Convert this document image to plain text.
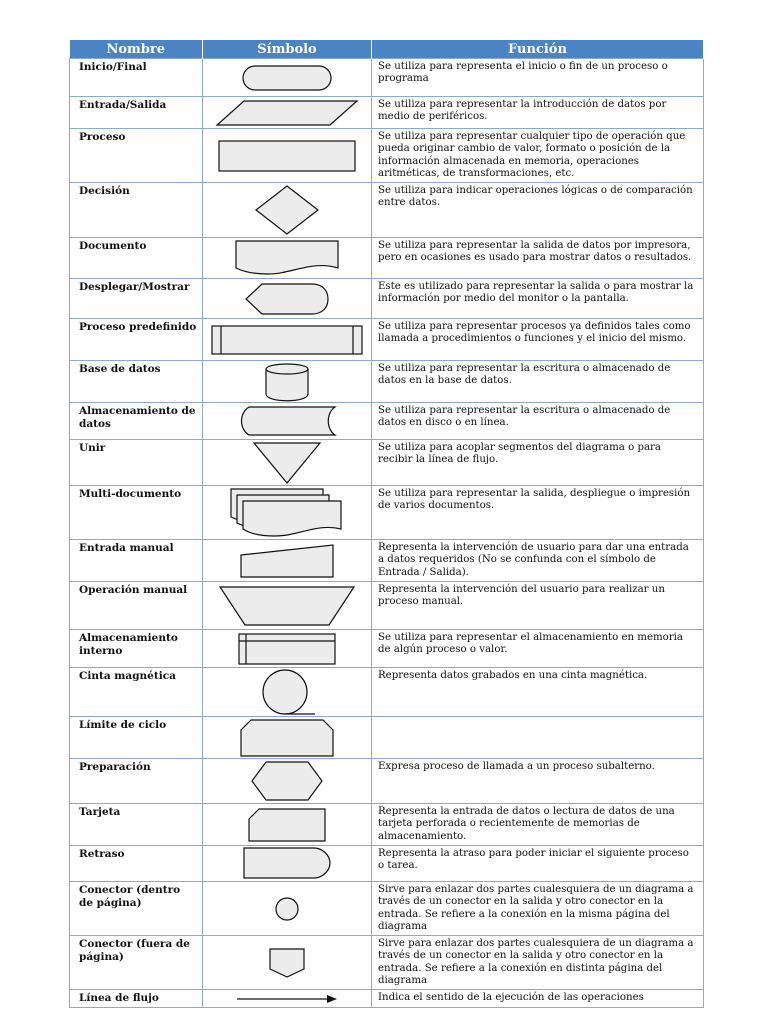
Nombre	Símbolo	Función
Inicio/Final		Se utiliza para representa el inicio o fin de un proceso o programa
Entrada/Salida		Se utiliza para representar la introducción de datos por medio de periféricos.
Proceso		Se utiliza para representar cualquier tipo de operación que pueda originar cambio de valor, formato o posición de la información almacenada en memoria, operaciones aritméticas, de transformaciones, etc.
Decisión		Se utiliza para indicar operaciones lógicas o de comparación entre datos.
Documento		Se utiliza para representar la salida de datos por impresora, pero en ocasiones es usado para mostrar datos o resultados.
Desplegar/Mostrar		Este es utilizado para representar la salida o para mostrar la información por medio del monitor o la pantalla.
Proceso predefinido		Se utiliza para representar procesos ya definidos tales como llamada a procedimientos o funciones y el inicio del mismo.
Base de datos		Se utiliza para representar la escritura o almacenado de datos en la base de datos.
Almacenamiento de datos		Se utiliza para representar la escritura o almacenado de datos en disco o en línea.
Unir		Se utiliza para acoplar segmentos del diagrama o para recibir la línea de flujo.
Multi-documento		Se utiliza para representar la salida, despliegue o impresión de varios documentos.
Entrada manual		Representa la intervención de usuario para dar una entrada a datos requeridos (No se confunda con el símbolo de Entrada / Salida).
Operación manual		Representa la intervención del usuario para realizar un proceso manual.
Almacenamiento interno		Se utiliza para representar el almacenamiento en memoria de algún proceso o valor.
Cinta magnética		Representa datos grabados en una cinta magnética.
Límite de ciclo	

Preparación		Expresa proceso de llamada a un proceso subalterno.
Tarjeta		Representa la entrada de datos o lectura de datos de una tarjeta perforada o recientemente de memorias de almacenamiento.
Retraso		Representa la atraso para poder iniciar el siguiente proceso o tarea.
Conector (dentro de página)		Sirve para enlazar dos partes cualesquiera de un diagrama a través de un conector en la salida y otro conector en la entrada. Se refiere a la conexión en la misma página del diagrama
Conector (fuera de página)		Sirve para enlazar dos partes cualesquiera de un diagrama a través de un conector en la salida y otro conector en la entrada. Se refiere a la conexión en distinta página del diagrama
Línea de flujo		Indica el sentido de la ejecución de las operaciones
